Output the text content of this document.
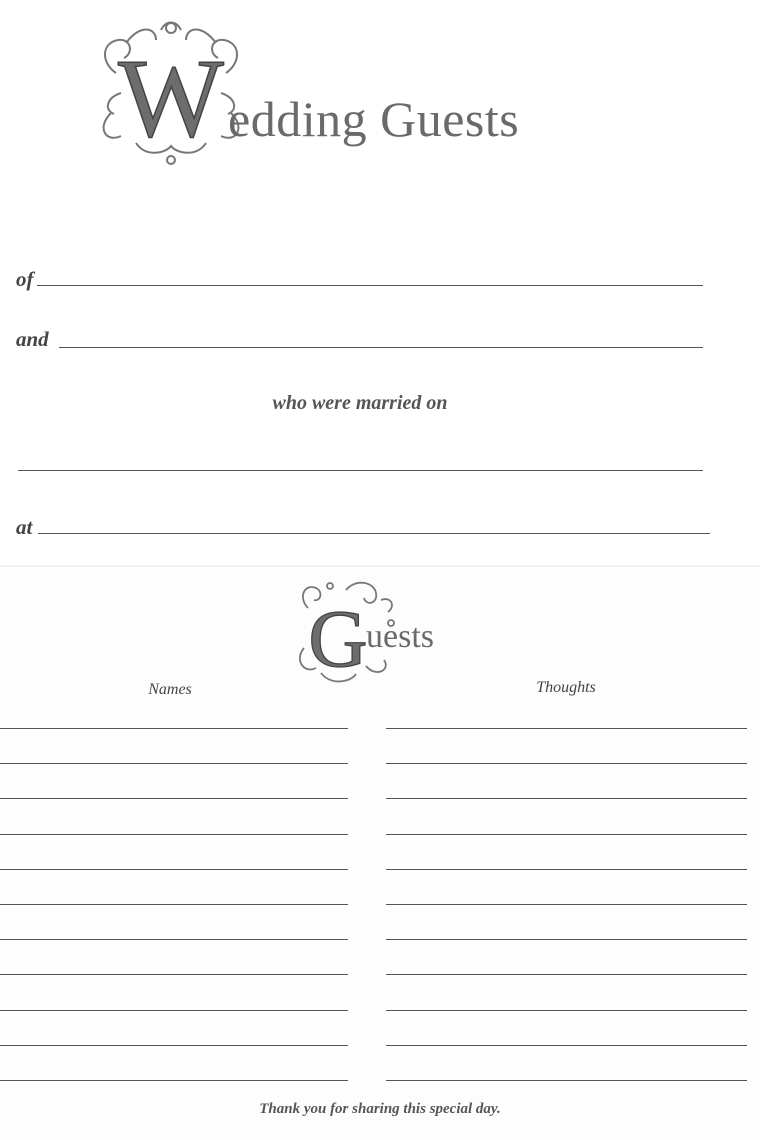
W edding Guests
of
and
who were married on
at
G
uests
Names	Thoughts
Thank you for sharing this special day.
